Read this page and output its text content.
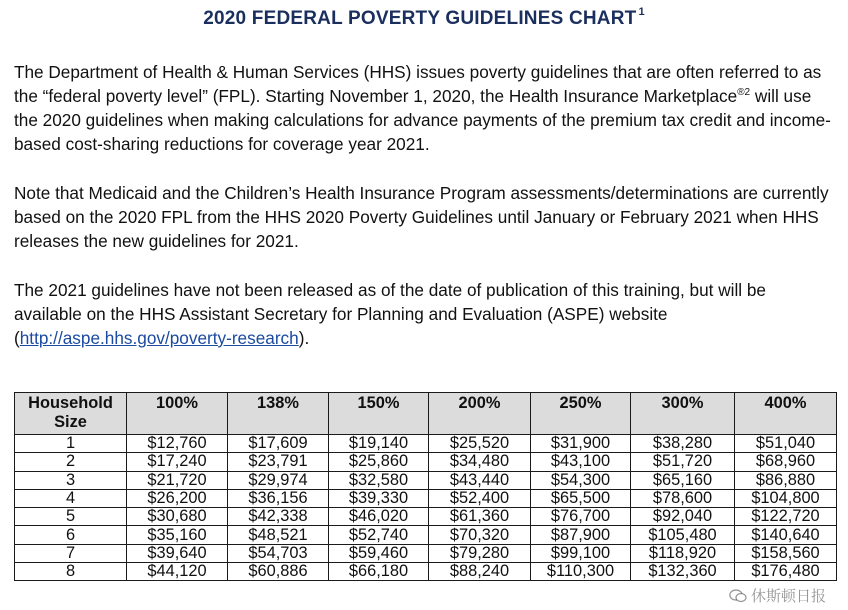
2020 FEDERAL POVERTY GUIDELINES CHART $^1$

The Department of Health & Human Services (HHS) issues poverty guidelines that are often referred to as the “federal poverty level” (FPL). Starting November 1, 2020, the Health Insurance Marketplace$^{®2}$ will use the 2020 guidelines when making calculations for advance payments of the premium tax credit and income-based cost-sharing reductions for coverage year 2021.

Note that Medicaid and the Children’s Health Insurance Program assessments/determinations are currently based on the 2020 FPL from the HHS 2020 Poverty Guidelines until January or February 2021 when HHS releases the new guidelines for 2021.

The 2021 guidelines have not been released as of the date of publication of this training, but will be available on the HHS Assistant Secretary for Planning and Evaluation (ASPE) website
(http://aspe.hhs.gov/poverty-research).

Household Size	100%	138%	150%	200%	250%	300%	400%
1	$12,760	$17,609	$19,140	$25,520	$31,900	$38,280	$51,040
2	$17,240	$23,791	$25,860	$34,480	$43,100	$51,720	$68,960
3	$21,720	$29,974	$32,580	$43,440	$54,300	$65,160	$86,880
4	$26,200	$36,156	$39,330	$52,400	$65,500	$78,600	$104,800
5	$30,680	$42,338	$46,020	$61,360	$76,700	$92,040	$122,720
6	$35,160	$48,521	$52,740	$70,320	$87,900	$105,480	$140,640
7	$39,640	$54,703	$59,460	$79,280	$99,100	$118,920	$158,560
8	$44,120	$60,886	$66,180	$88,240	$110,300	$132,360	$176,480
休斯顿日报
